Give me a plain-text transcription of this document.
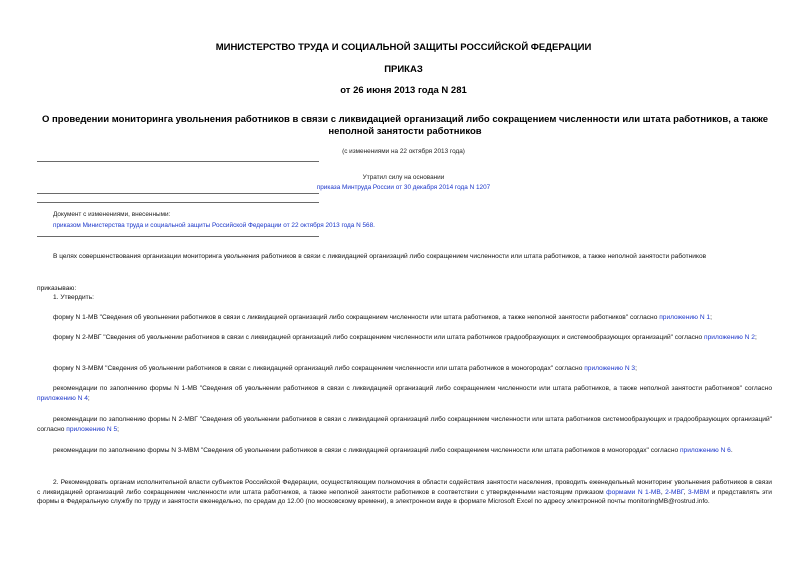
МИНИСТЕРСТВО ТРУДА И СОЦИАЛЬНОЙ ЗАЩИТЫ РОССИЙСКОЙ ФЕДЕРАЦИИ
ПРИКАЗ
от 26 июня 2013 года N 281
О проведении мониторинга увольнения работников в связи с ликвидацией организаций либо сокращением численности или штата работников, а также неполной занятости работников
(с изменениями на 22 октября 2013 года)
Утратил силу на основании
приказа Минтруда России от 30 декабря 2014 года N 1207
Документ с изменениями, внесенными:
приказом Министерства труда и социальной защиты Российской Федерации от 22 октября 2013 года N 568.
В целях совершенствования организации мониторинга увольнения работников в связи с ликвидацией организаций либо сокращением численности или штата работников, а также неполной занятости работников
приказываю:
1. Утвердить:
форму N 1-МВ "Сведения об увольнении работников в связи с ликвидацией организаций либо сокращением численности или штата работников, а также неполной занятости работников" согласно приложению N 1;
форму N 2-МВГ "Сведения об увольнении работников в связи с ликвидацией организаций либо сокращением численности или штата работников градообразующих и системообразующих организаций" согласно приложению N 2;
форму N 3-МВМ "Сведения об увольнении работников в связи с ликвидацией организаций либо сокращением численности или штата работников в моногородах" согласно приложению N 3;
рекомендации по заполнению формы N 1-МВ "Сведения об увольнении работников в связи с ликвидацией организаций либо сокращением численности или штата работников, а также неполной занятости работников" согласно приложению N 4;
рекомендации по заполнению формы N 2-МВГ "Сведения об увольнении работников в связи с ликвидацией организаций либо сокращением численности или штата работников системообразующих и градообразующих организаций" согласно приложению N 5;
рекомендации по заполнению формы N 3-МВМ "Сведения об увольнении работников в связи с ликвидацией организаций либо сокращением численности или штата работников в моногородах" согласно приложению N 6.
2. Рекомендовать органам исполнительной власти субъектов Российской Федерации, осуществляющим полномочия в области содействия занятости населения, проводить еженедельный мониторинг увольнения работников в связи с ликвидацией организаций либо сокращением численности или штата работников, а также неполной занятости работников в соответствии с утвержденными настоящим приказом формами N 1-МВ, 2-МВГ, 3-МВМ и представлять эти формы в Федеральную службу по труду и занятости еженедельно, по средам до 12.00 (по московскому времени), в электронном виде в формате Microsoft Excel по адресу электронной почты monitoringMB@rostrud.info.
